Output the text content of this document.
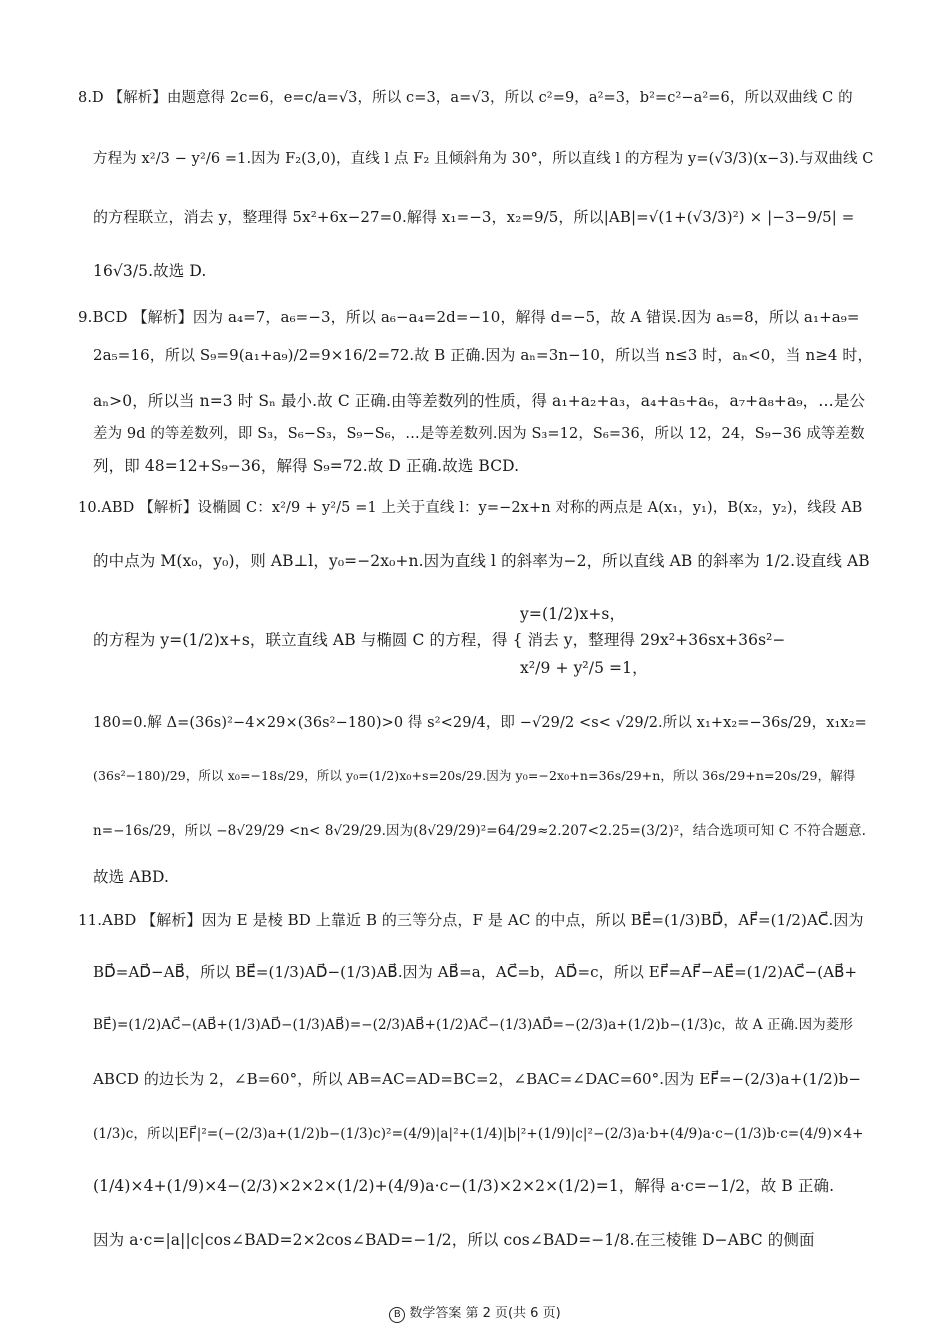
8.D 【解析】由题意得 2c=6，e=c/a=√3，所以 c=3，a=√3，所以 c²=9，a²=3，b²=c²−a²=6，所以双曲线 C 的
方程为 x²/3 − y²/6 =1.因为 F₂(3,0)，直线 l 点 F₂ 且倾斜角为 30°，所以直线 l 的方程为 y=(√3/3)(x−3).与双曲线 C
的方程联立，消去 y，整理得 5x²+6x−27=0.解得 x₁=−3，x₂=9/5，所以|AB|=√(1+(√3/3)²) × |−3−9/5| =
16√3/5.故选 D.
9.BCD 【解析】因为 a₄=7，a₆=−3，所以 a₆−a₄=2d=−10，解得 d=−5，故 A 错误.因为 a₅=8，所以 a₁+a₉=
2a₅=16，所以 S₉=9(a₁+a₉)/2=9×16/2=72.故 B 正确.因为 aₙ=3n−10，所以当 n≤3 时，aₙ<0，当 n≥4 时，
aₙ>0，所以当 n=3 时 Sₙ 最小.故 C 正确.由等差数列的性质，得 a₁+a₂+a₃，a₄+a₅+a₆，a₇+a₈+a₉，…是公
差为 9d 的等差数列，即 S₃，S₆−S₃，S₉−S₆，…是等差数列.因为 S₃=12，S₆=36，所以 12，24，S₉−36 成等差数
列，即 48=12+S₉−36，解得 S₉=72.故 D 正确.故选 BCD.
10.ABD 【解析】设椭圆 C：x²/9 + y²/5 =1 上关于直线 l：y=−2x+n 对称的两点是 A(x₁，y₁)，B(x₂，y₂)，线段 AB
的中点为 M(x₀，y₀)，则 AB⊥l，y₀=−2x₀+n.因为直线 l 的斜率为−2，所以直线 AB 的斜率为 1/2.设直线 AB
y=(1/2)x+s，
的方程为 y=(1/2)x+s，联立直线 AB 与椭圆 C 的方程，得 { 消去 y，整理得 29x²+36sx+36s²−
x²/9 + y²/5 =1，
180=0.解 Δ=(36s)²−4×29×(36s²−180)>0 得 s²<29/4，即 −√29/2 <s< √29/2.所以 x₁+x₂=−36s/29，x₁x₂=
(36s²−180)/29，所以 x₀=−18s/29，所以 y₀=(1/2)x₀+s=20s/29.因为 y₀=−2x₀+n=36s/29+n，所以 36s/29+n=20s/29，解得
n=−16s/29，所以 −8√29/29 <n< 8√29/29.因为(8√29/29)²=64/29≈2.207<2.25=(3/2)²，结合选项可知 C 不符合题意.
故选 ABD.
11.ABD 【解析】因为 E 是棱 BD 上靠近 B 的三等分点，F 是 AC 的中点，所以 BE⃗=(1/3)BD⃗，AF⃗=(1/2)AC⃗.因为
BD⃗=AD⃗−AB⃗，所以 BE⃗=(1/3)AD⃗−(1/3)AB⃗.因为 AB⃗=a，AC⃗=b，AD⃗=c，所以 EF⃗=AF⃗−AE⃗=(1/2)AC⃗−(AB⃗+
BE⃗)=(1/2)AC⃗−(AB⃗+(1/3)AD⃗−(1/3)AB⃗)=−(2/3)AB⃗+(1/2)AC⃗−(1/3)AD⃗=−(2/3)a+(1/2)b−(1/3)c，故 A 正确.因为菱形
ABCD 的边长为 2，∠B=60°，所以 AB=AC=AD=BC=2，∠BAC=∠DAC=60°.因为 EF⃗=−(2/3)a+(1/2)b−
(1/3)c，所以|EF⃗|²=(−(2/3)a+(1/2)b−(1/3)c)²=(4/9)|a|²+(1/4)|b|²+(1/9)|c|²−(2/3)a·b+(4/9)a·c−(1/3)b·c=(4/9)×4+
(1/4)×4+(1/9)×4−(2/3)×2×2×(1/2)+(4/9)a·c−(1/3)×2×2×(1/2)=1，解得 a·c=−1/2，故 B 正确.
因为 a·c=|a||c|cos∠BAD=2×2cos∠BAD=−1/2，所以 cos∠BAD=−1/8.在三棱锥 D−ABC 的侧面
B 数学答案 第 2 页(共 6 页)
